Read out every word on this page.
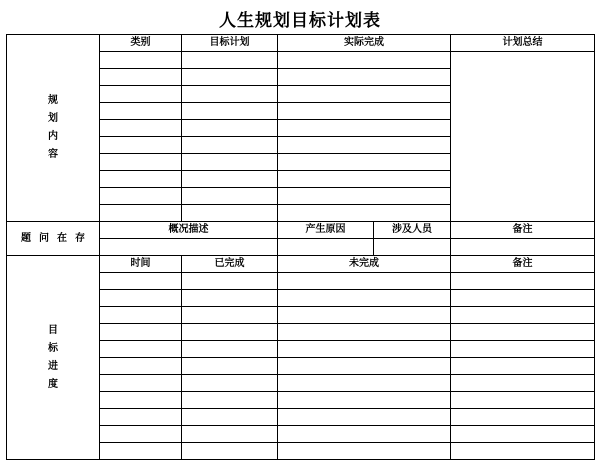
人生规划目标计划表
规划内容	类别	目标计划	实际完成		计划总结

题问在存	概况描述		产生原因	涉及人员	备注

目标进度	时间	已完成	未完成		备注
